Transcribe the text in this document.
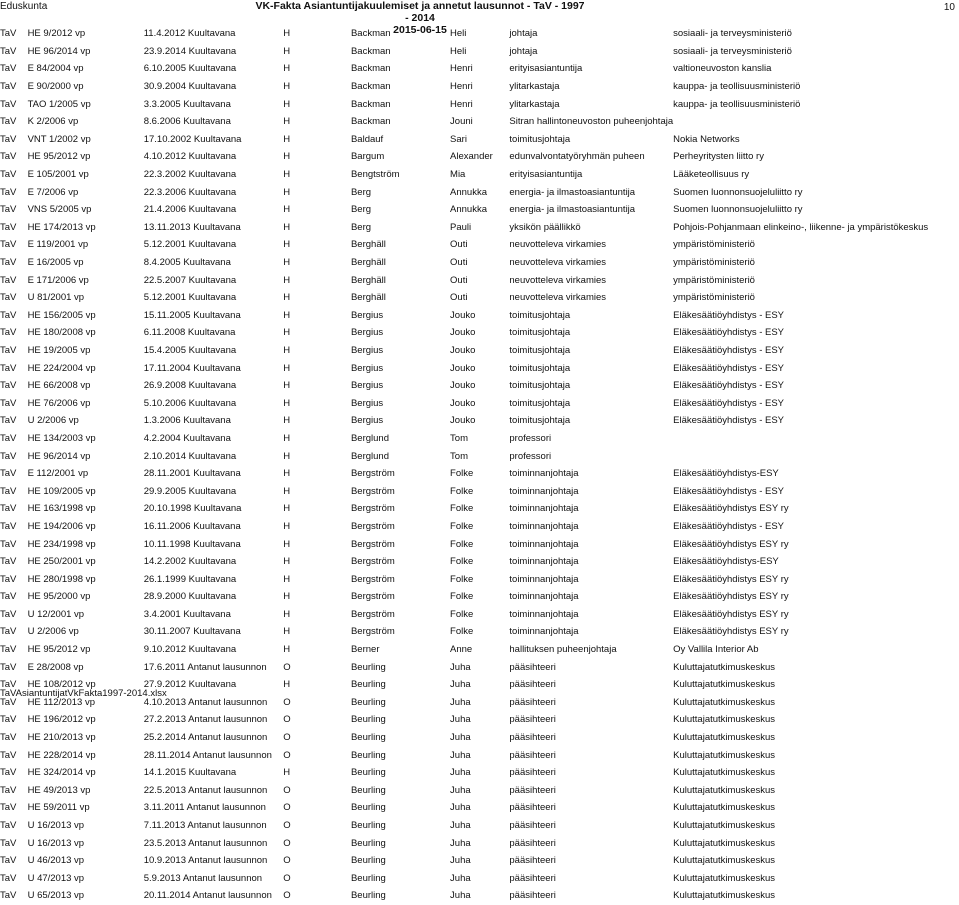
Eduskunta	VK-Fakta Asiantuntijakuulemiset ja annetut lausunnot - TaV - 1997 - 2014
2015-06-15
10
TaV	HE 9/2012 vp	11.4.2012 Kuultavana	H	Backman	Heli	johtaja	sosiaali- ja terveysministeriö
TaV	HE 96/2014 vp	23.9.2014 Kuultavana	H	Backman	Heli	johtaja	sosiaali- ja terveysministeriö
TaV	E 84/2004 vp	6.10.2005 Kuultavana	H	Backman	Henri	erityisasiantuntija	valtioneuvoston kanslia
TaV	E 90/2000 vp	30.9.2004 Kuultavana	H	Backman	Henri	ylitarkastaja	kauppa- ja teollisuusministeriö
TaV	TAO 1/2005 vp	3.3.2005 Kuultavana	H	Backman	Henri	ylitarkastaja	kauppa- ja teollisuusministeriö
TaV	K 2/2006 vp	8.6.2006 Kuultavana	H	Backman	Jouni	Sitran hallintoneuvoston puheenjohtaja	
TaV	VNT 1/2002 vp	17.10.2002 Kuultavana	H	Baldauf	Sari	toimitusjohtaja	Nokia Networks
TaV	HE 95/2012 vp	4.10.2012 Kuultavana	H	Bargum	Alexander	edunvalvontatyöryhmän puheen	Perheyritysten liitto ry
TaV	E 105/2001 vp	22.3.2002 Kuultavana	H	Bengtström	Mia	erityisasiantuntija	Lääketeollisuus ry
TaV	E 7/2006 vp	22.3.2006 Kuultavana	H	Berg	Annukka	energia- ja ilmastoasiantuntija	Suomen luonnonsuojeluliitto ry
TaV	VNS 5/2005 vp	21.4.2006 Kuultavana	H	Berg	Annukka	energia- ja ilmastoasiantuntija	Suomen luonnonsuojeluliitto ry
TaV	HE 174/2013 vp	13.11.2013 Kuultavana	H	Berg	Pauli	yksikön päällikkö	Pohjois-Pohjanmaan elinkeino-, liikenne- ja ympäristökeskus
TaV	E 119/2001 vp	5.12.2001 Kuultavana	H	Berghäll	Outi	neuvotteleva virkamies	ympäristöministeriö
TaV	E 16/2005 vp	8.4.2005 Kuultavana	H	Berghäll	Outi	neuvotteleva virkamies	ympäristöministeriö
TaV	E 171/2006 vp	22.5.2007 Kuultavana	H	Berghäll	Outi	neuvotteleva virkamies	ympäristöministeriö
TaV	U 81/2001 vp	5.12.2001 Kuultavana	H	Berghäll	Outi	neuvotteleva virkamies	ympäristöministeriö
TaV	HE 156/2005 vp	15.11.2005 Kuultavana	H	Bergius	Jouko	toimitusjohtaja	Eläkesäätiöyhdistys - ESY
TaV	HE 180/2008 vp	6.11.2008 Kuultavana	H	Bergius	Jouko	toimitusjohtaja	Eläkesäätiöyhdistys - ESY
TaV	HE 19/2005 vp	15.4.2005 Kuultavana	H	Bergius	Jouko	toimitusjohtaja	Eläkesäätiöyhdistys - ESY
TaV	HE 224/2004 vp	17.11.2004 Kuultavana	H	Bergius	Jouko	toimitusjohtaja	Eläkesäätiöyhdistys - ESY
TaV	HE 66/2008 vp	26.9.2008 Kuultavana	H	Bergius	Jouko	toimitusjohtaja	Eläkesäätiöyhdistys - ESY
TaV	HE 76/2006 vp	5.10.2006 Kuultavana	H	Bergius	Jouko	toimitusjohtaja	Eläkesäätiöyhdistys - ESY
TaV	U 2/2006 vp	1.3.2006 Kuultavana	H	Bergius	Jouko	toimitusjohtaja	Eläkesäätiöyhdistys - ESY
TaV	HE 134/2003 vp	4.2.2004 Kuultavana	H	Berglund	Tom	professori	
TaV	HE 96/2014 vp	2.10.2014 Kuultavana	H	Berglund	Tom	professori	
TaV	E 112/2001 vp	28.11.2001 Kuultavana	H	Bergström	Folke	toiminnanjohtaja	Eläkesäätiöyhdistys-ESY
TaV	HE 109/2005 vp	29.9.2005 Kuultavana	H	Bergström	Folke	toiminnanjohtaja	Eläkesäätiöyhdistys - ESY
TaV	HE 163/1998 vp	20.10.1998 Kuultavana	H	Bergström	Folke	toiminnanjohtaja	Eläkesäätiöyhdistys ESY ry
TaV	HE 194/2006 vp	16.11.2006 Kuultavana	H	Bergström	Folke	toiminnanjohtaja	Eläkesäätiöyhdistys - ESY
TaV	HE 234/1998 vp	10.11.1998 Kuultavana	H	Bergström	Folke	toiminnanjohtaja	Eläkesäätiöyhdistys ESY ry
TaV	HE 250/2001 vp	14.2.2002 Kuultavana	H	Bergström	Folke	toiminnanjohtaja	Eläkesäätiöyhdistys-ESY
TaV	HE 280/1998 vp	26.1.1999 Kuultavana	H	Bergström	Folke	toiminnanjohtaja	Eläkesäätiöyhdistys ESY ry
TaV	HE 95/2000 vp	28.9.2000 Kuultavana	H	Bergström	Folke	toiminnanjohtaja	Eläkesäätiöyhdistys ESY ry
TaV	U 12/2001 vp	3.4.2001 Kuultavana	H	Bergström	Folke	toiminnanjohtaja	Eläkesäätiöyhdistys ESY ry
TaV	U 2/2006 vp	30.11.2007 Kuultavana	H	Bergström	Folke	toiminnanjohtaja	Eläkesäätiöyhdistys ESY ry
TaV	HE 95/2012 vp	9.10.2012 Kuultavana	H	Berner	Anne	hallituksen puheenjohtaja	Oy Vallila Interior Ab
TaV	E 28/2008 vp	17.6.2011 Antanut lausunnon	O	Beurling	Juha	pääsihteeri	Kuluttajatutkimuskeskus
TaV	HE 108/2012 vp	27.9.2012 Kuultavana	H	Beurling	Juha	pääsihteeri	Kuluttajatutkimuskeskus
TaV	HE 112/2013 vp	4.10.2013 Antanut lausunnon	O	Beurling	Juha	pääsihteeri	Kuluttajatutkimuskeskus
TaV	HE 196/2012 vp	27.2.2013 Antanut lausunnon	O	Beurling	Juha	pääsihteeri	Kuluttajatutkimuskeskus
TaV	HE 210/2013 vp	25.2.2014 Antanut lausunnon	O	Beurling	Juha	pääsihteeri	Kuluttajatutkimuskeskus
TaV	HE 228/2014 vp	28.11.2014 Antanut lausunnon	O	Beurling	Juha	pääsihteeri	Kuluttajatutkimuskeskus
TaV	HE 324/2014 vp	14.1.2015 Kuultavana	H	Beurling	Juha	pääsihteeri	Kuluttajatutkimuskeskus
TaV	HE 49/2013 vp	22.5.2013 Antanut lausunnon	O	Beurling	Juha	pääsihteeri	Kuluttajatutkimuskeskus
TaV	HE 59/2011 vp	3.11.2011 Antanut lausunnon	O	Beurling	Juha	pääsihteeri	Kuluttajatutkimuskeskus
TaV	U 16/2013 vp	7.11.2013 Antanut lausunnon	O	Beurling	Juha	pääsihteeri	Kuluttajatutkimuskeskus
TaV	U 16/2013 vp	23.5.2013 Antanut lausunnon	O	Beurling	Juha	pääsihteeri	Kuluttajatutkimuskeskus
TaV	U 46/2013 vp	10.9.2013 Antanut lausunnon	O	Beurling	Juha	pääsihteeri	Kuluttajatutkimuskeskus
TaV	U 47/2013 vp	5.9.2013 Antanut lausunnon	O	Beurling	Juha	pääsihteeri	Kuluttajatutkimuskeskus
TaV	U 65/2013 vp	20.11.2014 Antanut lausunnon	O	Beurling	Juha	pääsihteeri	Kuluttajatutkimuskeskus
TaVAsiantuntijatVkFakta1997-2014.xlsx
